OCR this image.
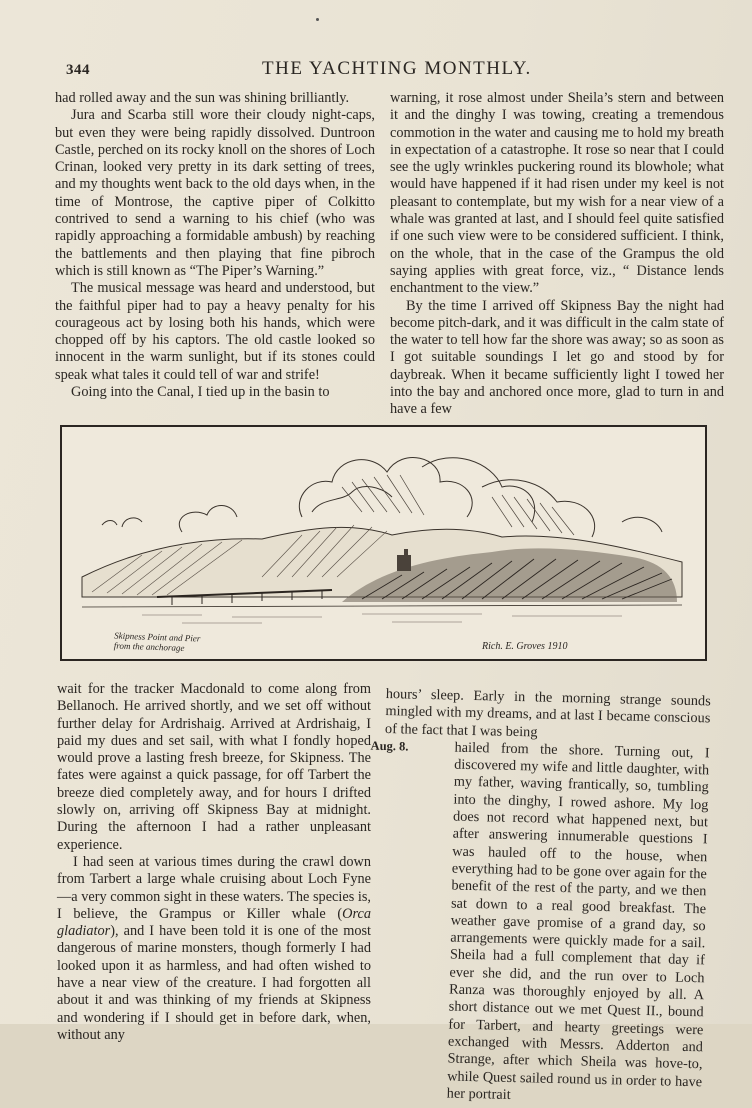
344	THE YACHTING MONTHLY.

had rolled away and the sun was shining brilliantly.

Jura and Scarba still wore their cloudy night-caps, but even they were being rapidly dissolved. Duntroon Castle, perched on its rocky knoll on the shores of Loch Crinan, looked very pretty in its dark setting of trees, and my thoughts went back to the old days when, in the time of Montrose, the captive piper of Colkitto contrived to send a warning to his chief (who was rapidly approaching a formidable ambush) by reaching the battlements and then playing that fine pibroch which is still known as “The Piper’s Warning.”

The musical message was heard and understood, but the faithful piper had to pay a heavy penalty for his courageous act by losing both his hands, which were chopped off by his captors. The old castle looked so innocent in the warm sunlight, but if its stones could speak what tales it could tell of war and strife!

Going into the Canal, I tied up in the basin to

warning, it rose almost under Sheila’s stern and between it and the dinghy I was towing, creating a tremendous commotion in the water and causing me to hold my breath in expectation of a catastrophe. It rose so near that I could see the ugly wrinkles puckering round its blowhole; what would have happened if it had risen under my keel is not pleasant to contemplate, but my wish for a near view of a whale was granted at last, and I should feel quite satisfied if one such view were to be considered sufficient. I think, on the whole, that in the case of the Grampus the old saying applies with great force, viz., “ Distance lends enchantment to the view.”

By the time I arrived off Skipness Bay the night had become pitch-dark, and it was difficult in the calm state of the water to tell how far the shore was away; so as soon as I got suitable soundings I let go and stood by for daybreak. When it became sufficiently light I towed her into the bay and anchored once more, glad to turn in and have a few

Skipness Point and Pier
from the anchorage	Rich. E. Groves 1910

wait for the tracker Macdonald to come along from Bellanoch. He arrived shortly, and we set off without further delay for Ardrishaig. Arrived at Ardrishaig, I paid my dues and set sail, with what I fondly hoped would prove a lasting fresh breeze, for Skipness. The fates were against a quick passage, for off Tarbert the breeze died completely away, and for hours I drifted slowly on, arriving off Skipness Bay at midnight. During the afternoon I had a rather unpleasant experience.

I had seen at various times during the crawl down from Tarbert a large whale cruising about Loch Fyne—a very common sight in these waters. The species is, I believe, the Grampus or Killer whale (Orca gladiator), and I have been told it is one of the most dangerous of marine monsters, though formerly I had looked upon it as harmless, and had often wished to have a near view of the creature. I had forgotten all about it and was thinking of my friends at Skipness and wondering if I should get in before dark, when, without any

hours’ sleep. Early in the morning strange sounds mingled with my dreams, and at last I became conscious of the fact that I was being

Aug. 8.	hailed from the shore. Turning out, I discovered my wife and little daughter, with my father, waving frantically, so, tumbling into the dinghy, I rowed ashore. My log does not record what happened next, but after answering innumerable questions I was hauled off to the house, when everything had to be gone over again for the benefit of the rest of the party, and we then sat down to a real good breakfast. The weather gave promise of a grand day, so arrangements were quickly made for a sail. Sheila had a full complement that day if ever she did, and the run over to Loch Ranza was thoroughly enjoyed by all. A short distance out we met Quest II., bound for Tarbert, and hearty greetings were exchanged with Messrs. Adderton and Strange, after which Sheila was hove-to, while Quest sailed round us in order to have her portrait
